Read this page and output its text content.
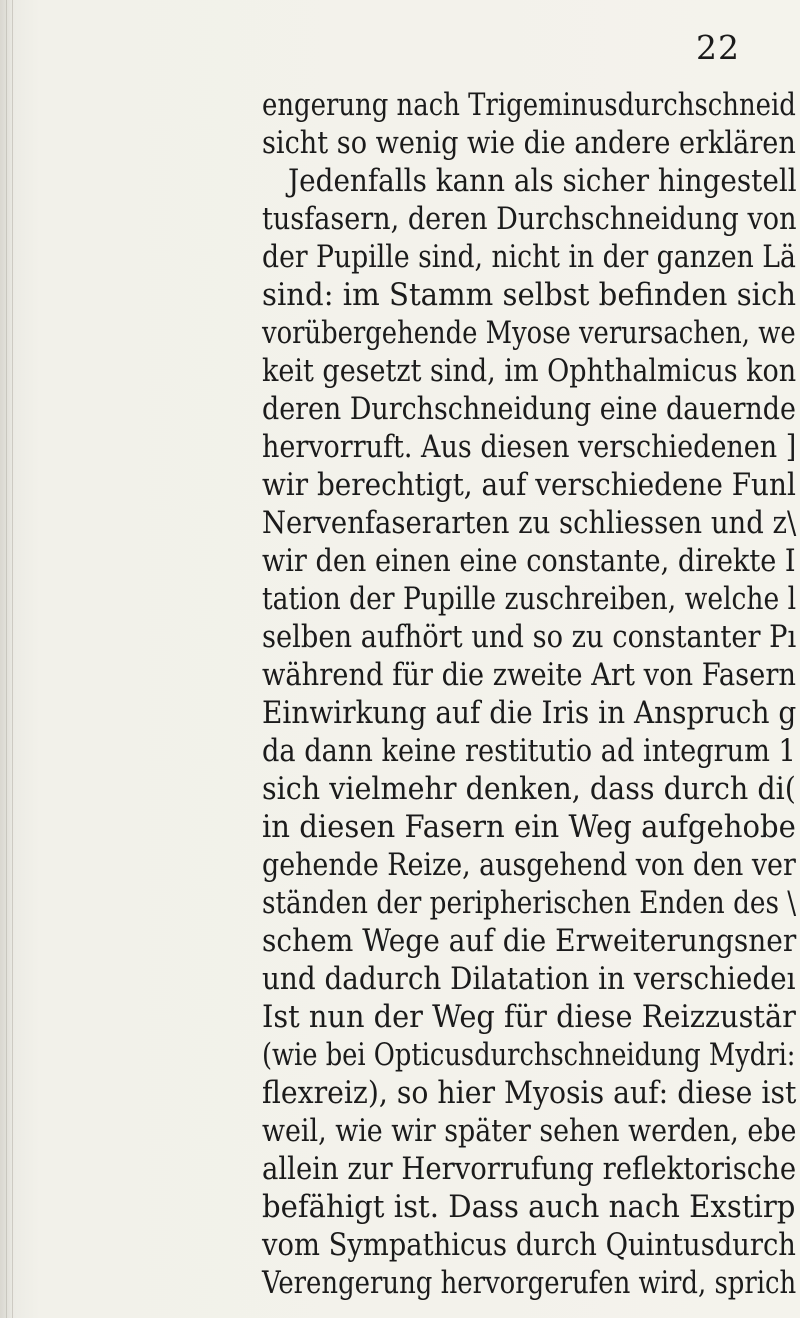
22
engerung nach Trigeminusdurchschneid
sicht so wenig wie die andere erklären
Jedenfalls kann als sicher hingestell
tusfasern, deren Durchschneidung von
der Pupille sind, nicht in der ganzen Lä
sind: im Stamm selbst befinden sich
vorübergehende Myose verursachen, we
keit gesetzt sind, im Ophthalmicus kon
deren Durchschneidung eine dauernde
hervorruft. Aus diesen verschiedenen ]
wir berechtigt, auf verschiedene Funl
Nervenfaserarten zu schliessen und z\
wir den einen eine constante, direkte I
tation der Pupille zuschreiben, welche l
selben aufhört und so zu constanter Pı
während für die zweite Art von Fasern
Einwirkung auf die Iris in Anspruch g
da dann keine restitutio ad integrum 1
sich vielmehr denken, dass durch di(
in diesen Fasern ein Weg aufgehobe
gehende Reize, ausgehend von den ver
ständen der peripherischen Enden des \
schem Wege auf die Erweiterungsner
und dadurch Dilatation in verschiedeı
Ist nun der Weg für diese Reizzustär
(wie bei Opticusdurchschneidung Mydri:
flexreiz), so hier Myosis auf: diese ist
weil, wie wir später sehen werden, ebe
allein zur Hervorrufung reflektorische
befähigt ist. Dass auch nach Exstirp
vom Sympathicus durch Quintusdurch
Verengerung hervorgerufen wird, sprich
